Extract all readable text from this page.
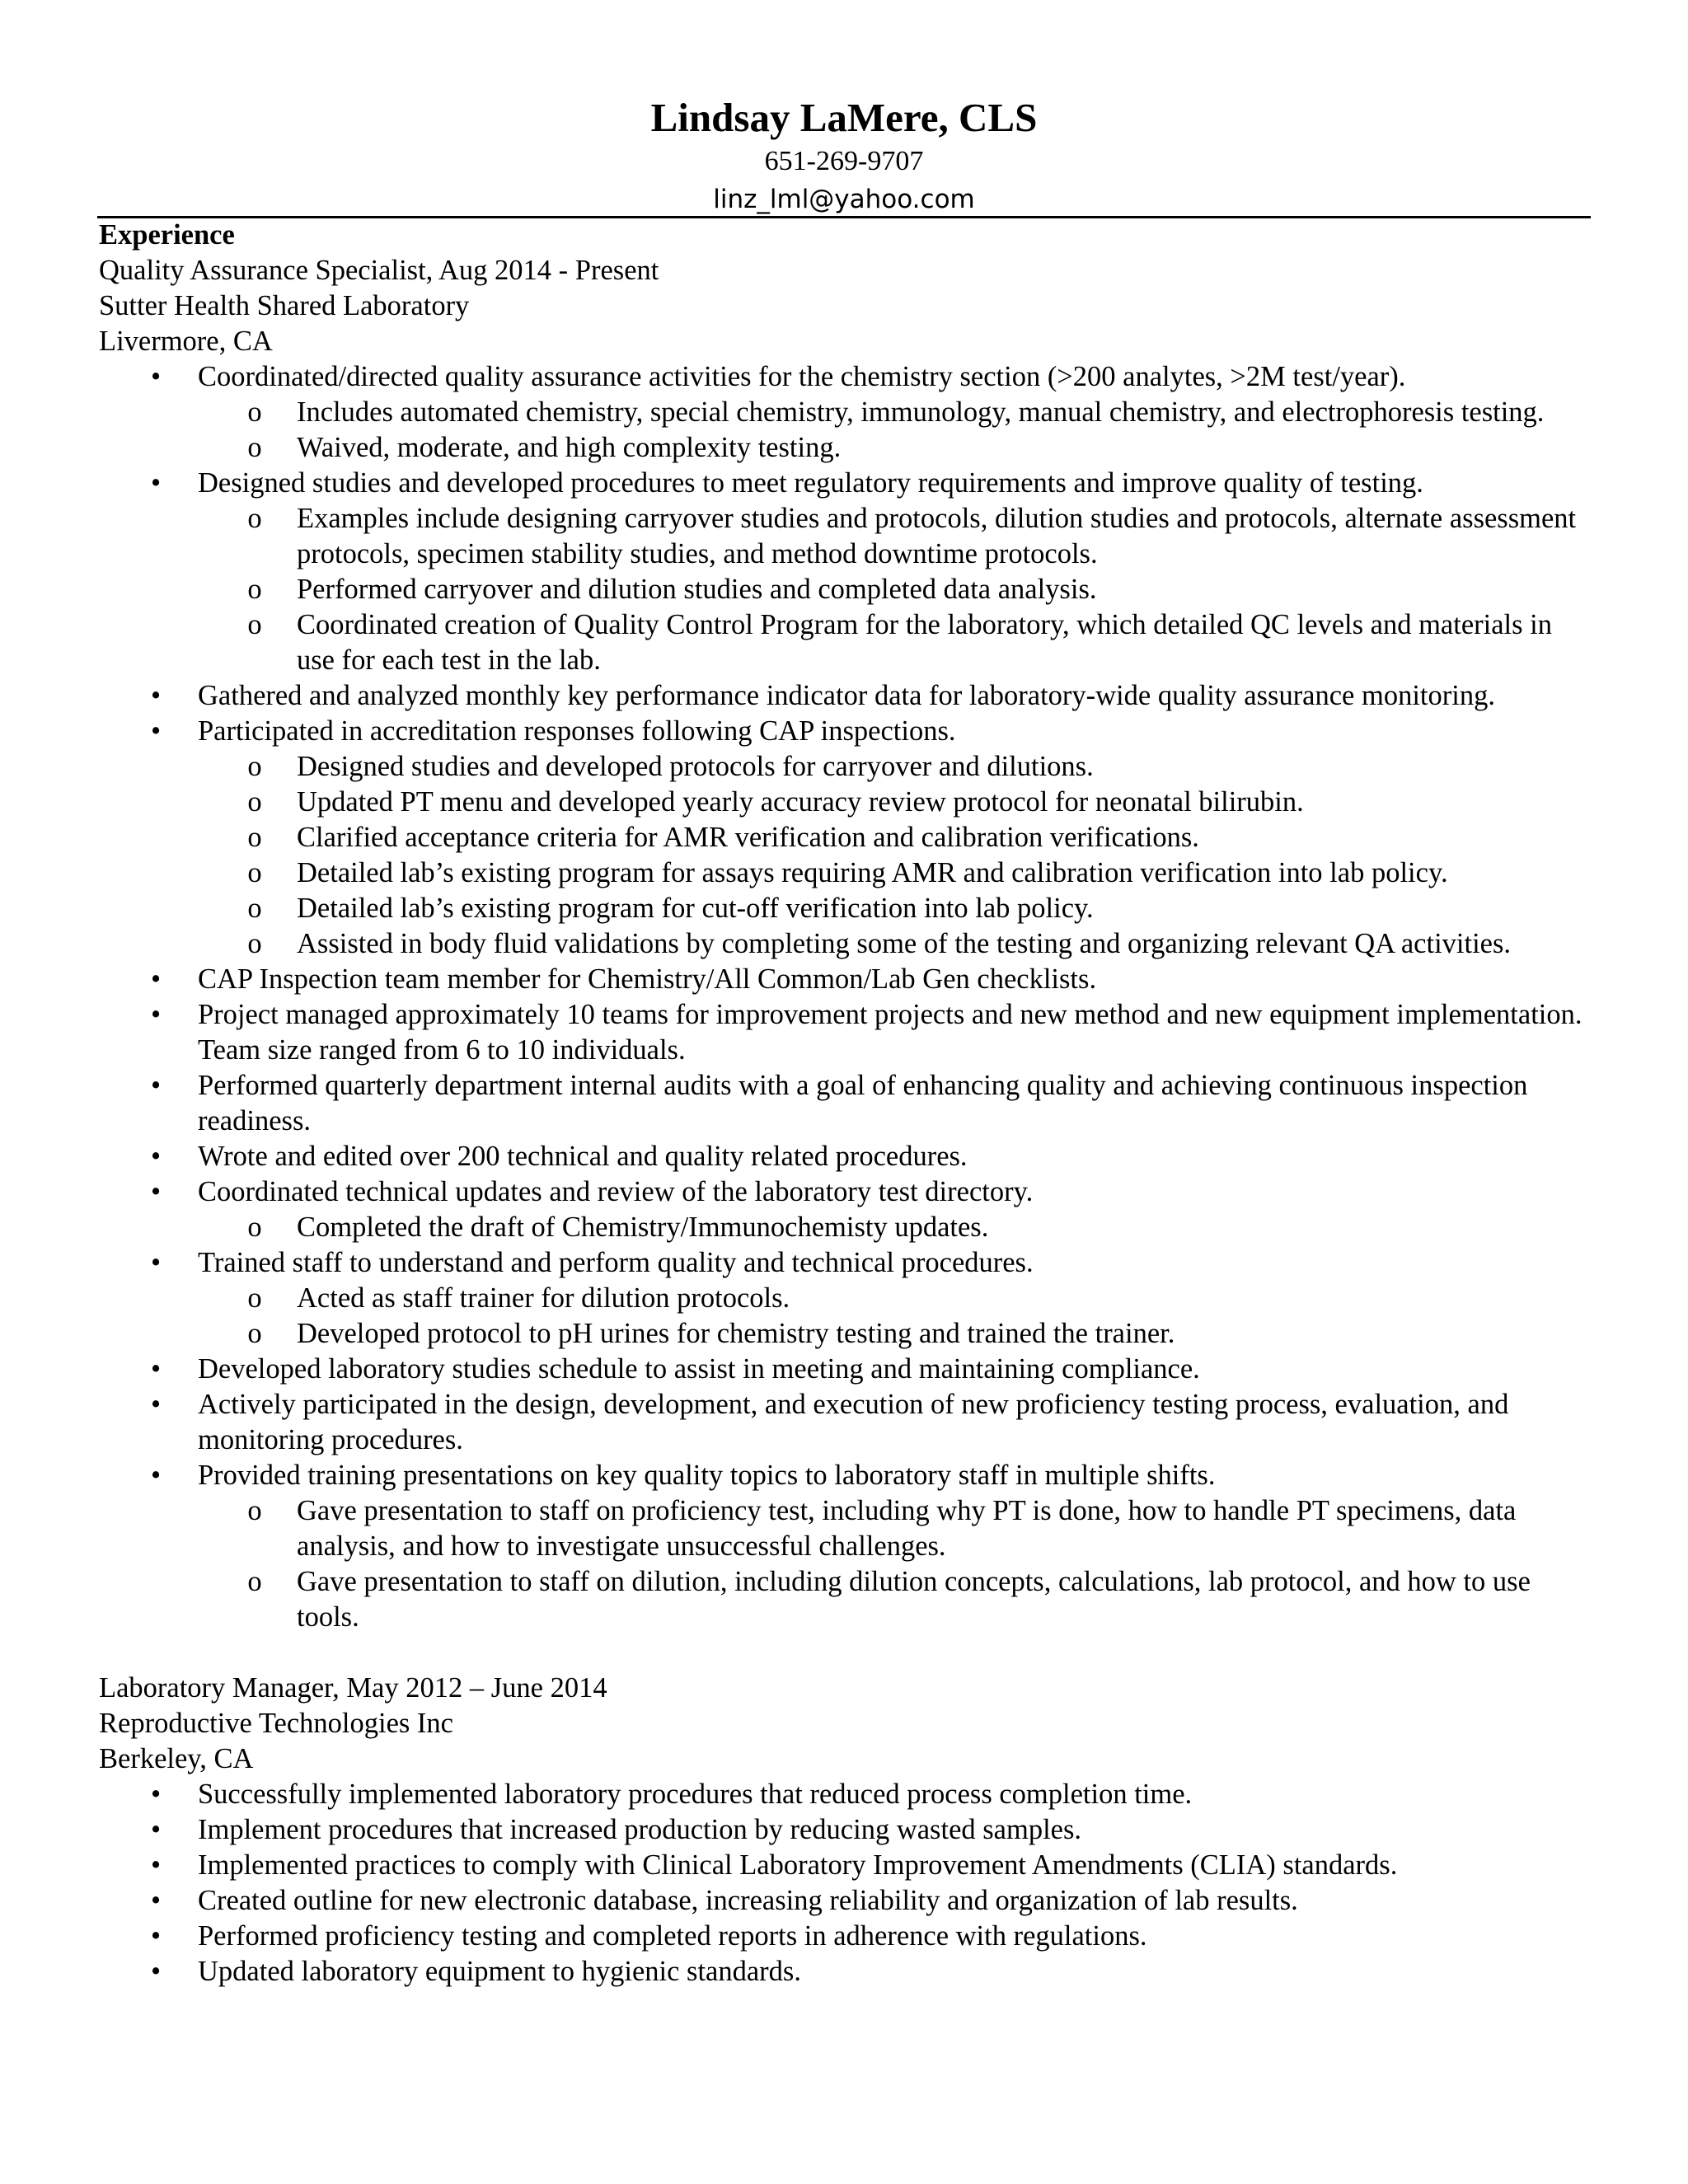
Lindsay LaMere, CLS
651-269-9707
linz_lml@yahoo.com
Experience
Quality Assurance Specialist, Aug 2014 - Present
Sutter Health Shared Laboratory
Livermore, CA
• Coordinated/directed quality assurance activities for the chemistry section (>200 analytes, >2M test/year).
o Includes automated chemistry, special chemistry, immunology, manual chemistry, and electrophoresis testing.
o Waived, moderate, and high complexity testing.
• Designed studies and developed procedures to meet regulatory requirements and improve quality of testing.
o Examples include designing carryover studies and protocols, dilution studies and protocols, alternate assessment protocols, specimen stability studies, and method downtime protocols.
o Performed carryover and dilution studies and completed data analysis.
o Coordinated creation of Quality Control Program for the laboratory, which detailed QC levels and materials in use for each test in the lab.
• Gathered and analyzed monthly key performance indicator data for laboratory-wide quality assurance monitoring.
• Participated in accreditation responses following CAP inspections.
o Designed studies and developed protocols for carryover and dilutions.
o Updated PT menu and developed yearly accuracy review protocol for neonatal bilirubin.
o Clarified acceptance criteria for AMR verification and calibration verifications.
o Detailed lab’s existing program for assays requiring AMR and calibration verification into lab policy.
o Detailed lab’s existing program for cut-off verification into lab policy.
o Assisted in body fluid validations by completing some of the testing and organizing relevant QA activities.
• CAP Inspection team member for Chemistry/All Common/Lab Gen checklists.
• Project managed approximately 10 teams for improvement projects and new method and new equipment implementation. Team size ranged from 6 to 10 individuals.
• Performed quarterly department internal audits with a goal of enhancing quality and achieving continuous inspection readiness.
• Wrote and edited over 200 technical and quality related procedures.
• Coordinated technical updates and review of the laboratory test directory.
o Completed the draft of Chemistry/Immunochemisty updates.
• Trained staff to understand and perform quality and technical procedures.
o Acted as staff trainer for dilution protocols.
o Developed protocol to pH urines for chemistry testing and trained the trainer.
• Developed laboratory studies schedule to assist in meeting and maintaining compliance.
• Actively participated in the design, development, and execution of new proficiency testing process, evaluation, and monitoring procedures.
• Provided training presentations on key quality topics to laboratory staff in multiple shifts.
o Gave presentation to staff on proficiency test, including why PT is done, how to handle PT specimens, data analysis, and how to investigate unsuccessful challenges.
o Gave presentation to staff on dilution, including dilution concepts, calculations, lab protocol, and how to use tools.
Laboratory Manager, May 2012 – June 2014
Reproductive Technologies Inc
Berkeley, CA
• Successfully implemented laboratory procedures that reduced process completion time.
• Implement procedures that increased production by reducing wasted samples.
• Implemented practices to comply with Clinical Laboratory Improvement Amendments (CLIA) standards.
• Created outline for new electronic database, increasing reliability and organization of lab results.
• Performed proficiency testing and completed reports in adherence with regulations.
• Updated laboratory equipment to hygienic standards.
